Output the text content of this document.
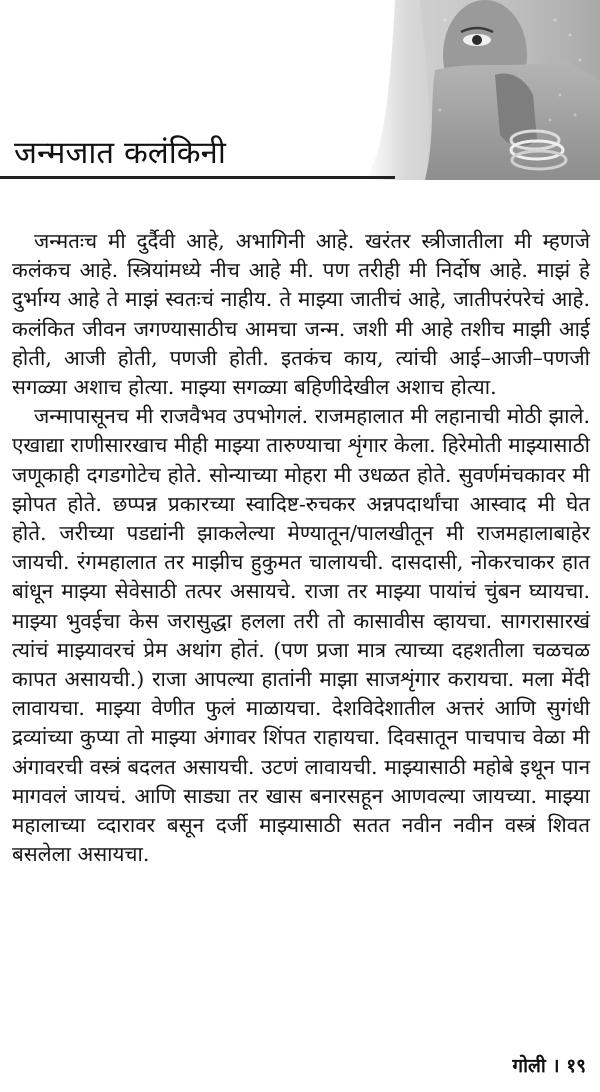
जन्मजात कलंकिनी

जन्मतःच मी दुर्दैवी आहे, अभागिनी आहे. खरंतर स्त्रीजातीला मी म्हणजे कलंकच आहे. स्त्रियांमध्ये नीच आहे मी. पण तरीही मी निर्दोष आहे. माझं हे दुर्भाग्य आहे ते माझं स्वतःचं नाहीय. ते माझ्या जातीचं आहे, जातीपरंपरेचं आहे. कलंकित जीवन जगण्यासाठीच आमचा जन्म. जशी मी आहे तशीच माझी आई होती, आजी होती, पणजी होती. इतकंच काय, त्यांची आई–आजी–पणजी सगळ्या अशाच होत्या. माझ्या सगळ्या बहिणीदेखील अशाच होत्या.

जन्मापासूनच मी राजवैभव उपभोगलं. राजमहालात मी लहानाची मोठी झाले. एखाद्या राणीसारखाच मीही माझ्या तारुण्याचा शृंगार केला. हिरेमोती माझ्यासाठी जणूकाही दगडगोटेच होते. सोन्याच्या मोहरा मी उधळत होते. सुवर्णमंचकावर मी झोपत होते. छप्पन्न प्रकारच्या स्वादिष्ट-रुचकर अन्नपदार्थांचा आस्वाद मी घेत होते. जरीच्या पडद्यांनी झाकलेल्या मेण्यातून/पालखीतून मी राजमहालाबाहेर जायची. रंगमहालात तर माझीच हुकुमत चालायची. दासदासी, नोकरचाकर हात बांधून माझ्या सेवेसाठी तत्पर असायचे. राजा तर माझ्या पायांचं चुंबन घ्यायचा. माझ्या भुवईचा केस जरासुद्धा हलला तरी तो कासावीस व्हायचा. सागरासारखं त्यांचं माझ्यावरचं प्रेम अथांग होतं. (पण प्रजा मात्र त्याच्या दहशतीला चळचळ कापत असायची.) राजा आपल्या हातांनी माझा साजशृंगार करायचा. मला मेंदी लावायचा. माझ्या वेणीत फुलं माळायचा. देशविदेशातील अत्तरं आणि सुगंधी द्रव्यांच्या कुप्या तो माझ्या अंगावर शिंपत राहायचा. दिवसातून पाचपाच वेळा मी अंगावरची वस्त्रं बदलत असायची. उटणं लावायची. माझ्यासाठी महोबे इथून पान मागवलं जायचं. आणि साड्या तर खास बनारसहून आणवल्या जायच्या. माझ्या महालाच्या व्दारावर बसून दर्जी माझ्यासाठी सतत नवीन नवीन वस्त्रं शिवत बसलेला असायचा.

गोली । १९
